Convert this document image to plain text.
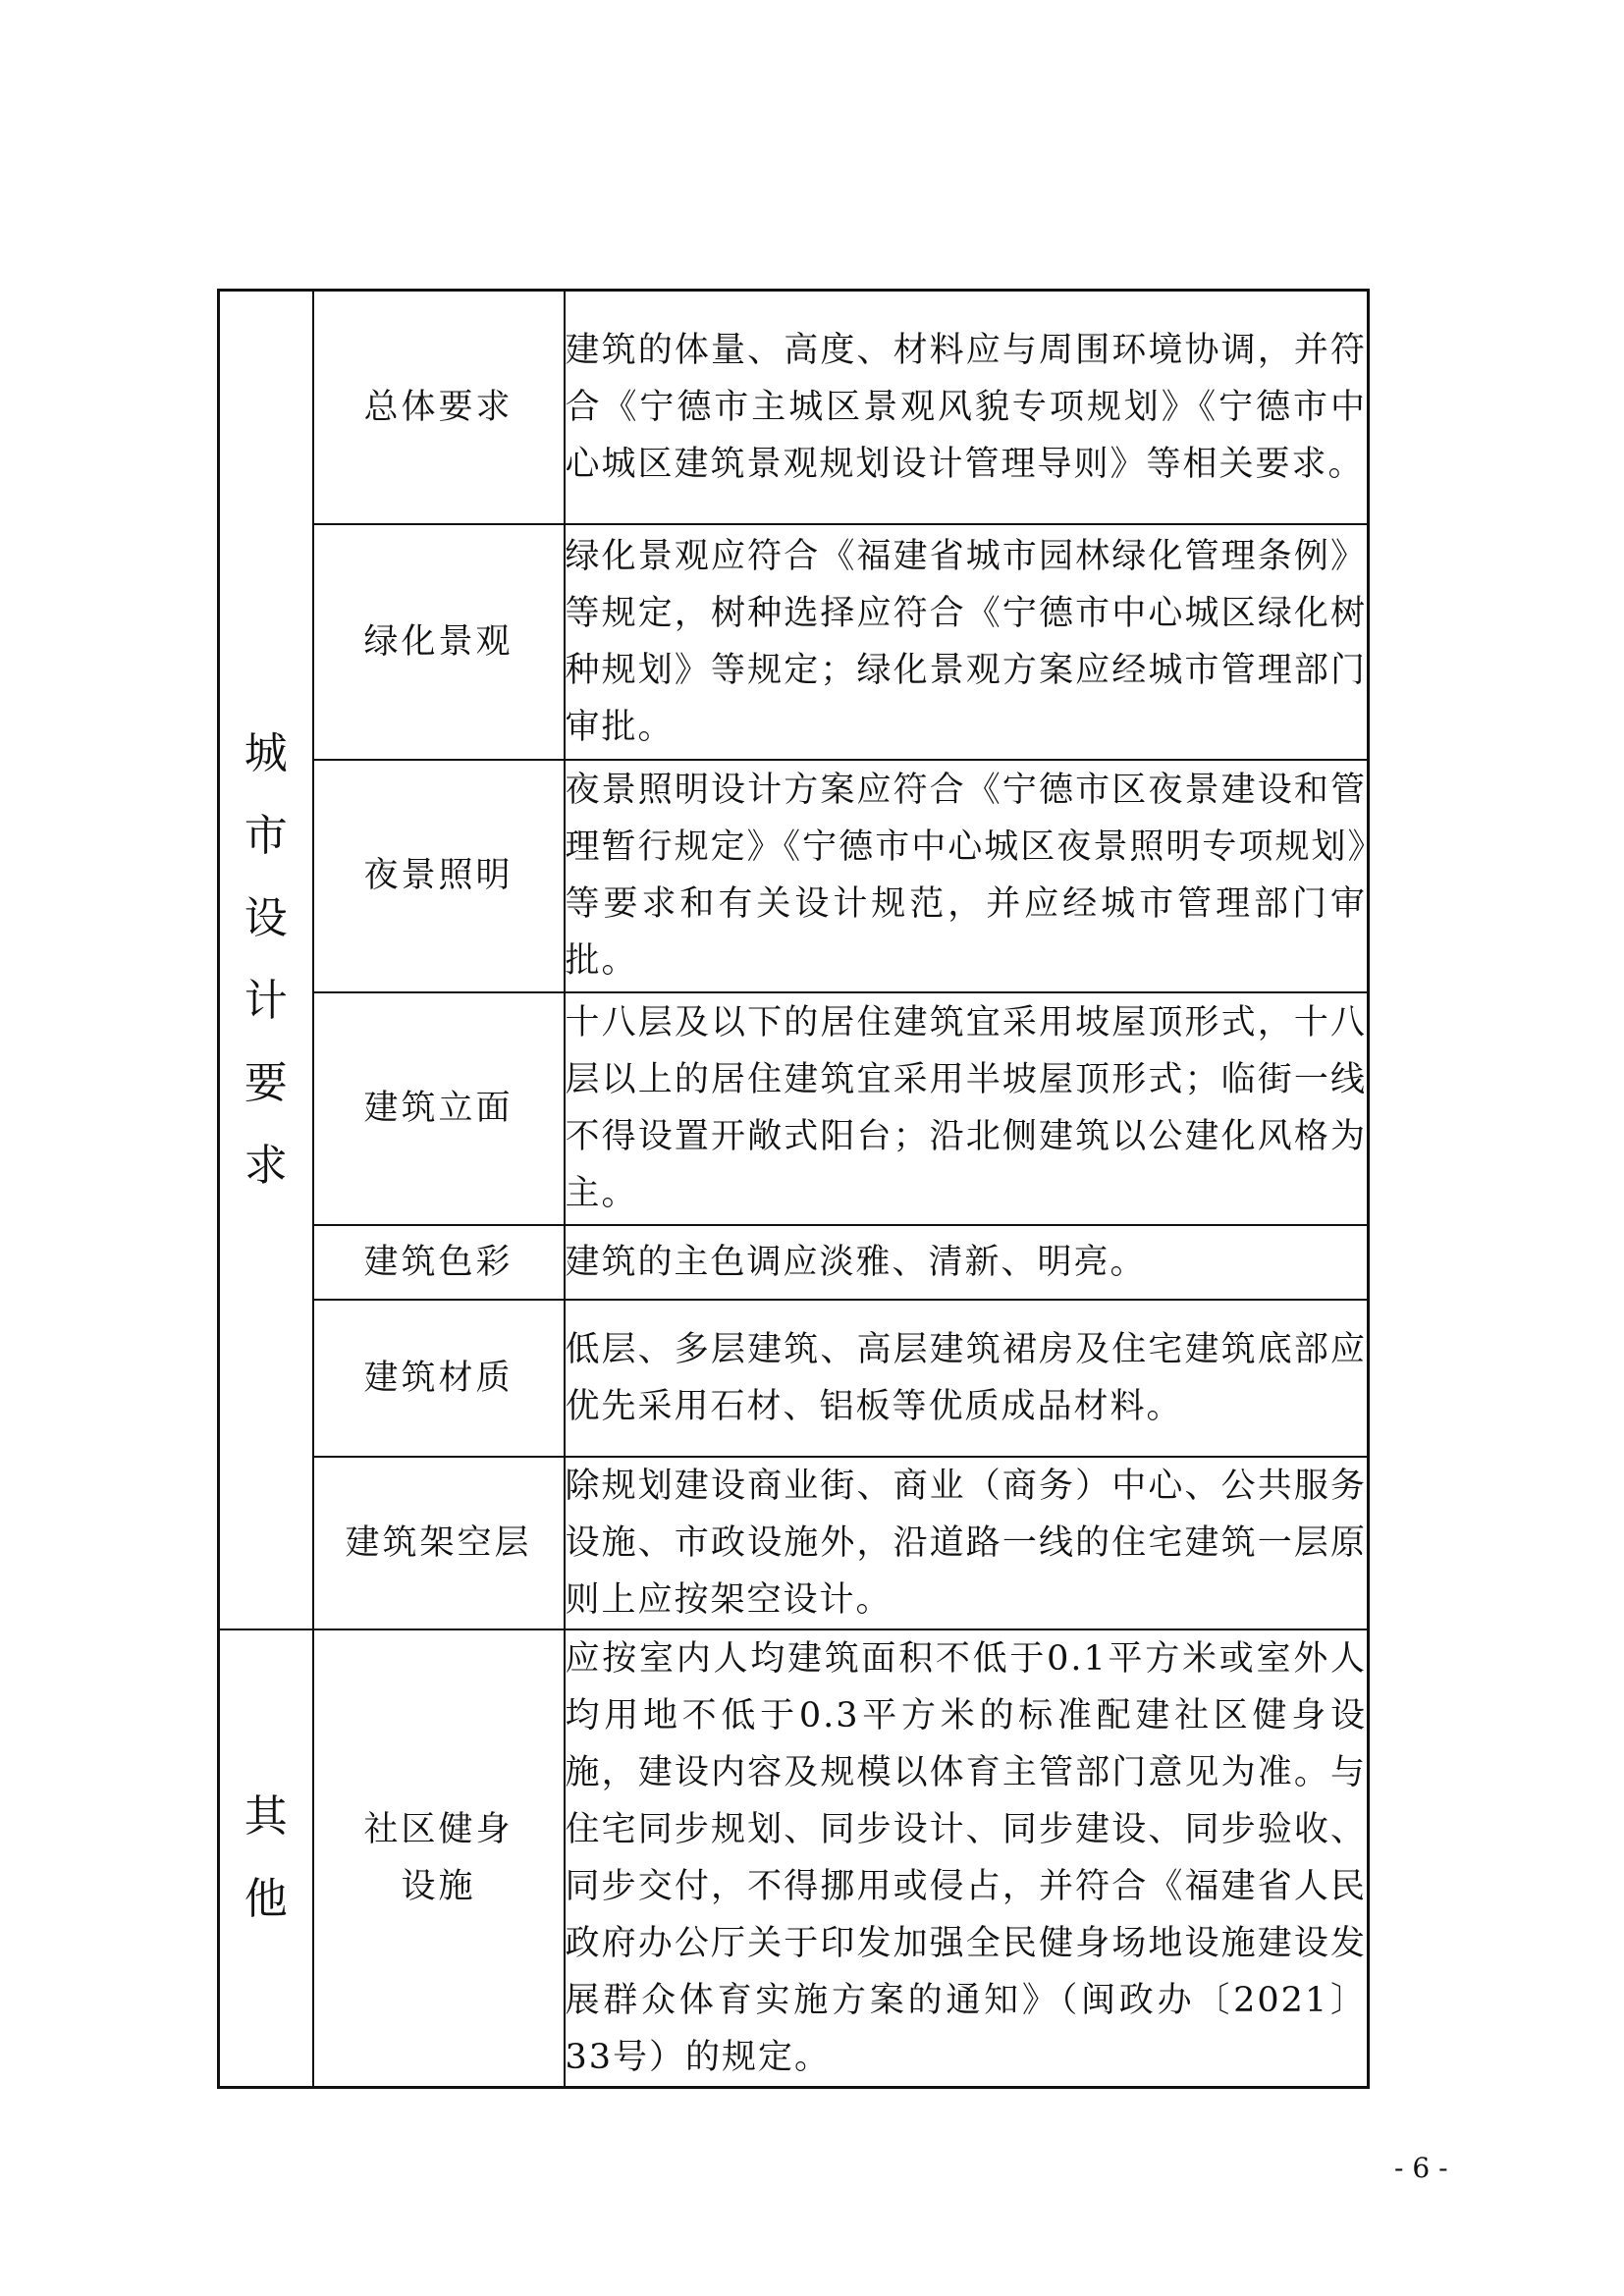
城市设计要求	总体要求	建筑的体量、高度、材料应与周围环境协调，并符合《宁德市主城区景观风貌专项规划》《宁德市中心城区建筑景观规划设计管理导则》等相关要求。
	绿化景观	绿化景观应符合《福建省城市园林绿化管理条例》等规定，树种选择应符合《宁德市中心城区绿化树种规划》等规定；绿化景观方案应经城市管理部门审批。
	夜景照明	夜景照明设计方案应符合《宁德市区夜景建设和管理暂行规定》《宁德市中心城区夜景照明专项规划》等要求和有关设计规范，并应经城市管理部门审批。
	建筑立面	十八层及以下的居住建筑宜采用坡屋顶形式，十八层以上的居住建筑宜采用半坡屋顶形式；临街一线不得设置开敞式阳台；沿北侧建筑以公建化风格为主。
	建筑色彩	建筑的主色调应淡雅、清新、明亮。
	建筑材质	低层、多层建筑、高层建筑裙房及住宅建筑底部应优先采用石材、铝板等优质成品材料。
	建筑架空层	除规划建设商业街、商业（商务）中心、公共服务设施、市政设施外，沿道路一线的住宅建筑一层原则上应按架空设计。
其他	社区健身设施	应按室内人均建筑面积不低于0.1平方米或室外人均用地不低于0.3平方米的标准配建社区健身设施，建设内容及规模以体育主管部门意见为准。与住宅同步规划、同步设计、同步建设、同步验收、同步交付，不得挪用或侵占，并符合《福建省人民政府办公厅关于印发加强全民健身场地设施建设发展群众体育实施方案的通知》（闽政办〔2021〕33号）的规定。
- 6 -
